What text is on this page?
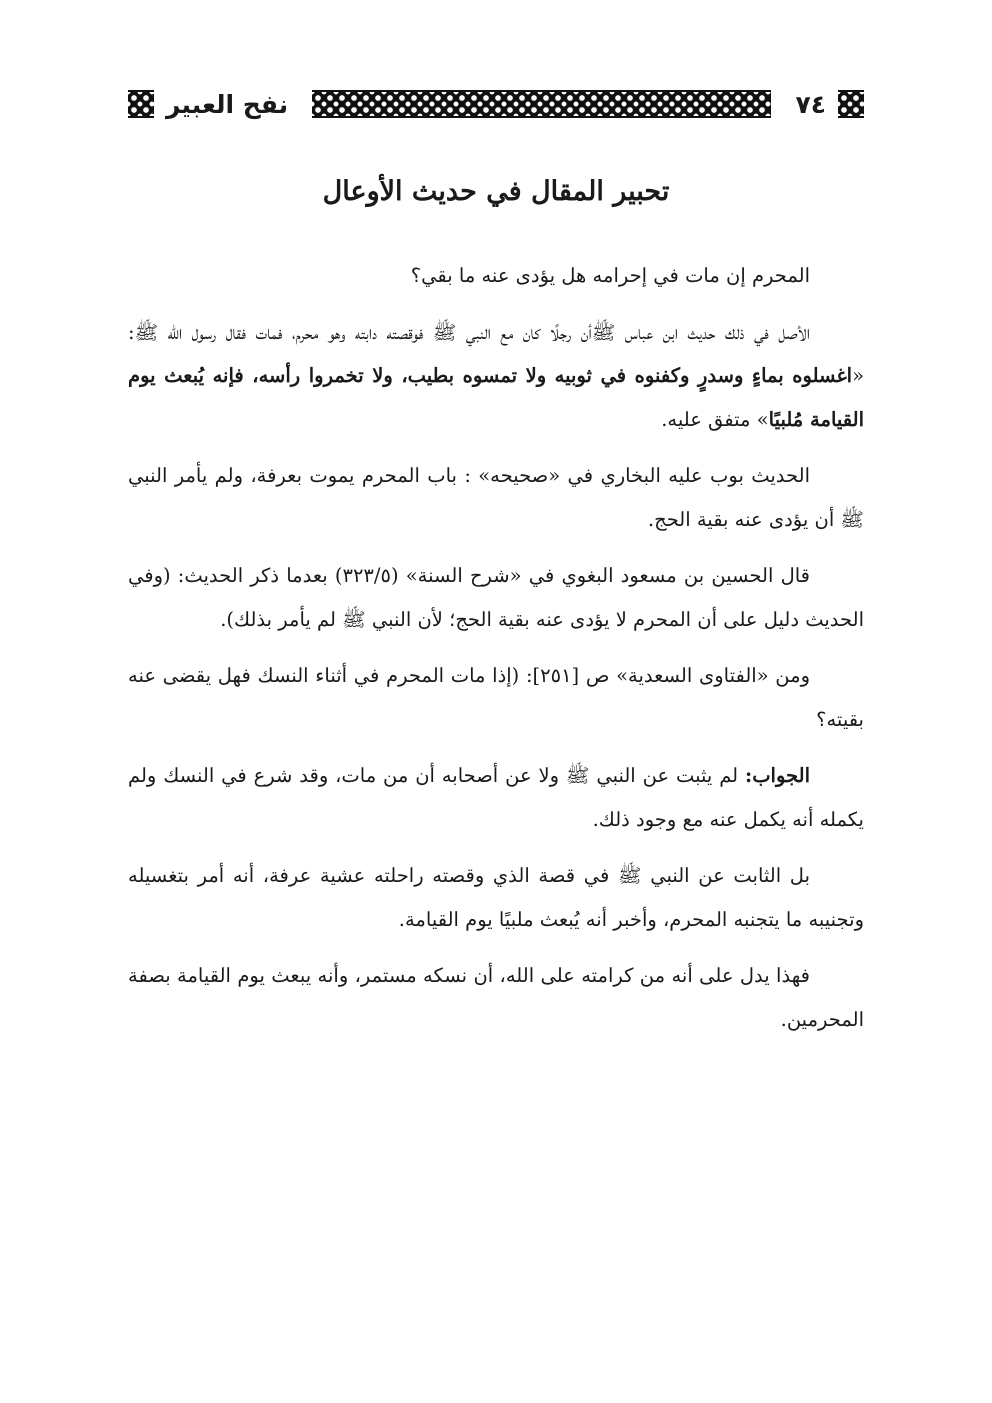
٧٤
نفح العبير
تحبير المقال في حديث الأوعال

المحرم إن مات في إحرامه هل يؤدى عنه ما بقي؟

الأصل في ذلك حديث ابن عباس ﷺأن رجلًا كان مع النبي ﷺ فوقصته دابته وهو محرم، فمات فقال رسول الله ﷺ: «اغسلوه بماءٍ وسدرٍ وكفنوه في ثوبيه ولا تمسوه بطيب، ولا تخمروا رأسه، فإنه يُبعث يوم القيامة مُلبيًا» متفق عليه.

الحديث بوب عليه البخاري في «صحيحه» : باب المحرم يموت بعرفة، ولم يأمر النبي ﷺ أن يؤدى عنه بقية الحج.

قال الحسين بن مسعود البغوي في «شرح السنة» (٣٢٣/٥) بعدما ذكر الحديث: (وفي الحديث دليل على أن المحرم لا يؤدى عنه بقية الحج؛ لأن النبي ﷺ لم يأمر بذلك).

ومن «الفتاوى السعدية» ص [٢٥١]: (إذا مات المحرم في أثناء النسك فهل يقضى عنه بقيته؟

الجواب: لم يثبت عن النبي ﷺ ولا عن أصحابه أن من مات، وقد شرع في النسك ولم يكمله أنه يكمل عنه مع وجود ذلك.

بل الثابت عن النبي ﷺ في قصة الذي وقصته راحلته عشية عرفة، أنه أمر بتغسيله وتجنيبه ما يتجنبه المحرم، وأخبر أنه يُبعث ملبيًا يوم القيامة.

فهذا يدل على أنه من كرامته على الله، أن نسكه مستمر، وأنه يبعث يوم القيامة بصفة المحرمين.
